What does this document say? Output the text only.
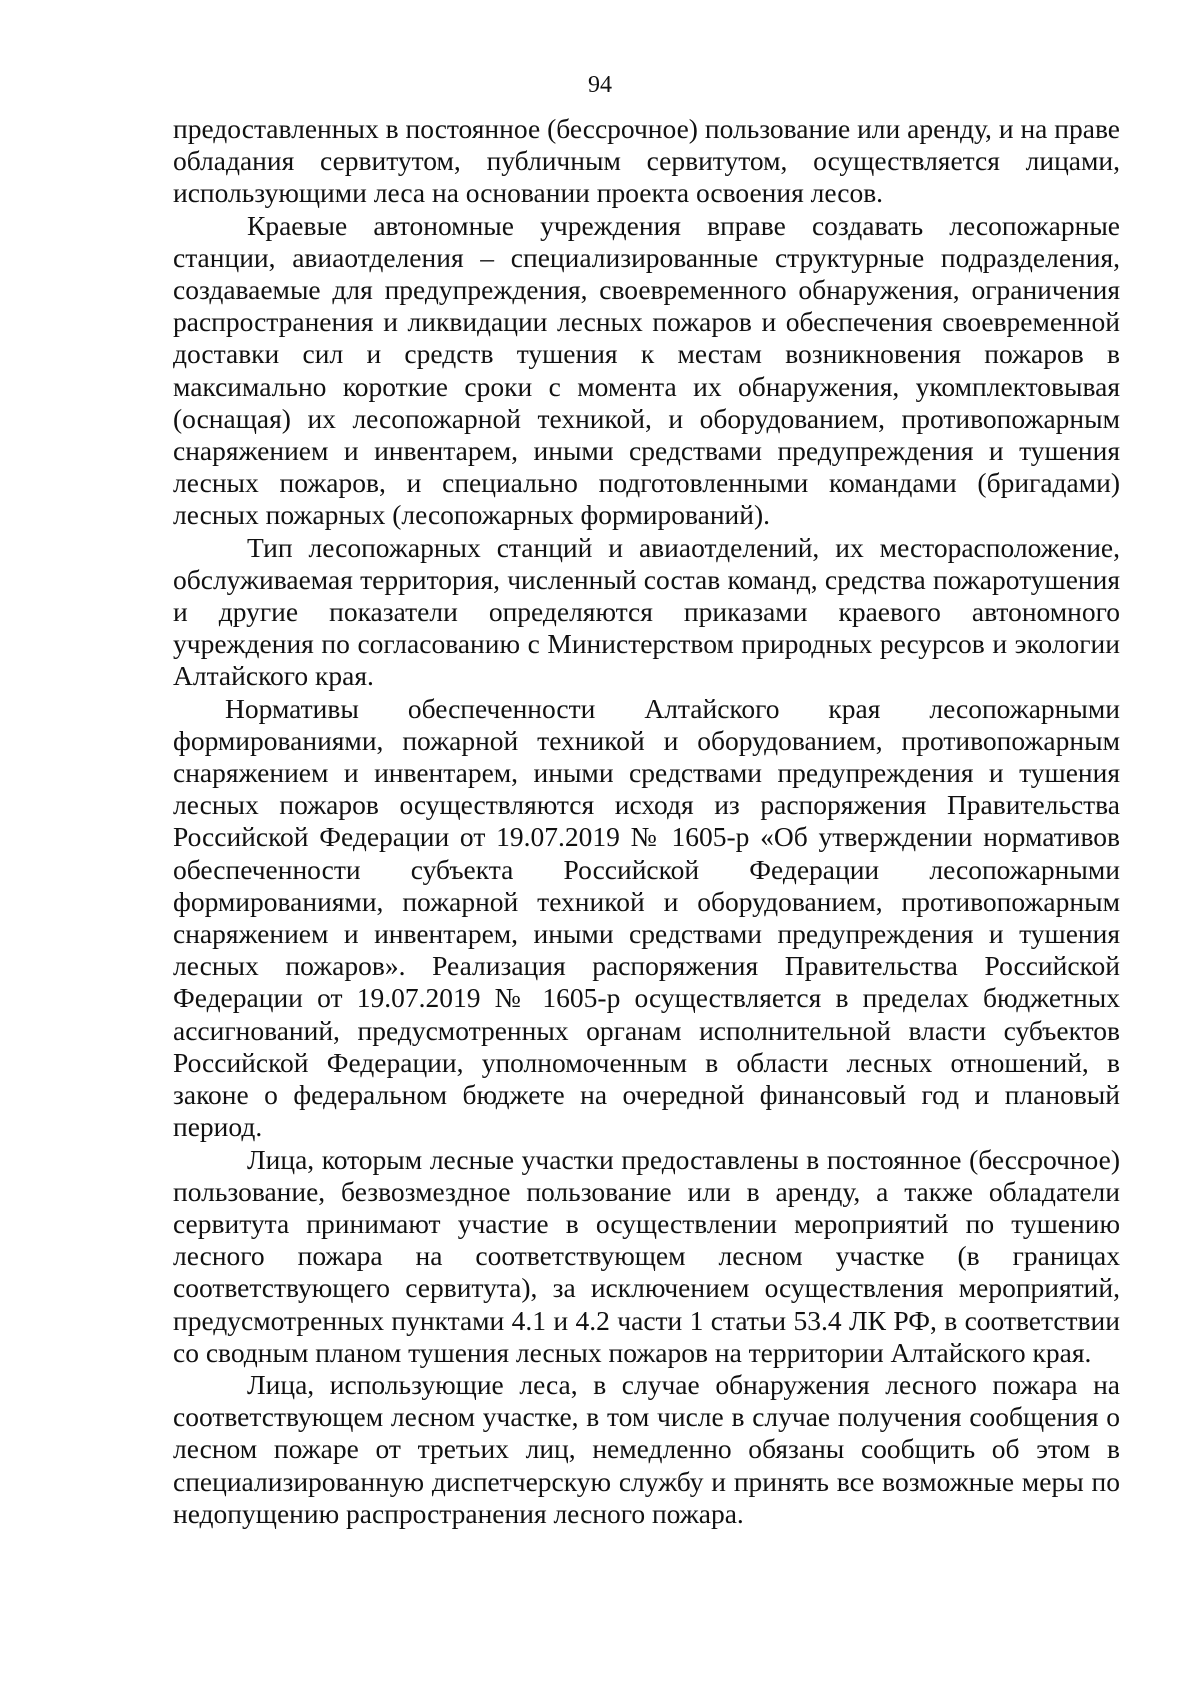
94

предоставленных в постоянное (бессрочное) пользование или аренду, и на праве обладания сервитутом, публичным сервитутом, осуществляется лицами, использующими леса на основании проекта освоения лесов.

Краевые автономные учреждения вправе создавать лесопожарные станции, авиаотделения – специализированные структурные подразделения, создаваемые для предупреждения, своевременного обнаружения, ограничения распространения и ликвидации лесных пожаров и обеспечения своевременной доставки сил и средств тушения к местам возникновения пожаров в максимально короткие сроки с момента их обнаружения, укомплектовывая (оснащая) их лесопожарной техникой, и оборудованием, противопожарным снаряжением и инвентарем, иными средствами предупреждения и тушения лесных пожаров, и специально подготовленными командами (бригадами) лесных пожарных (лесопожарных формирований).

Тип лесопожарных станций и авиаотделений, их месторасположение, обслуживаемая территория, численный состав команд, средства пожаротушения и другие показатели определяются приказами краевого автономного учреждения по согласованию с Министерством природных ресурсов и экологии Алтайского края.

Нормативы обеспеченности Алтайского края лесопожарными формированиями, пожарной техникой и оборудованием, противопожарным снаряжением и инвентарем, иными средствами предупреждения и тушения лесных пожаров осуществляются исходя из распоряжения Правительства Российской Федерации от 19.07.2019 № 1605-р «Об утверждении нормативов обеспеченности субъекта Российской Федерации лесопожарными формированиями, пожарной техникой и оборудованием, противопожарным снаряжением и инвентарем, иными средствами предупреждения и тушения лесных пожаров». Реализация распоряжения Правительства Российской Федерации от 19.07.2019 № 1605-р осуществляется в пределах бюджетных ассигнований, предусмотренных органам исполнительной власти субъектов Российской Федерации, уполномоченным в области лесных отношений, в законе о федеральном бюджете на очередной финансовый год и плановый период.

Лица, которым лесные участки предоставлены в постоянное (бессрочное) пользование, безвозмездное пользование или в аренду, а также обладатели сервитута принимают участие в осуществлении мероприятий по тушению лесного пожара на соответствующем лесном участке (в границах соответствующего сервитута), за исключением осуществления мероприятий, предусмотренных пунктами 4.1 и 4.2 части 1 статьи 53.4 ЛК РФ, в соответствии со сводным планом тушения лесных пожаров на территории Алтайского края.

Лица, использующие леса, в случае обнаружения лесного пожара на соответствующем лесном участке, в том числе в случае получения сообщения о лесном пожаре от третьих лиц, немедленно обязаны сообщить об этом в специализированную диспетчерскую службу и принять все возможные меры по недопущению распространения лесного пожара.
